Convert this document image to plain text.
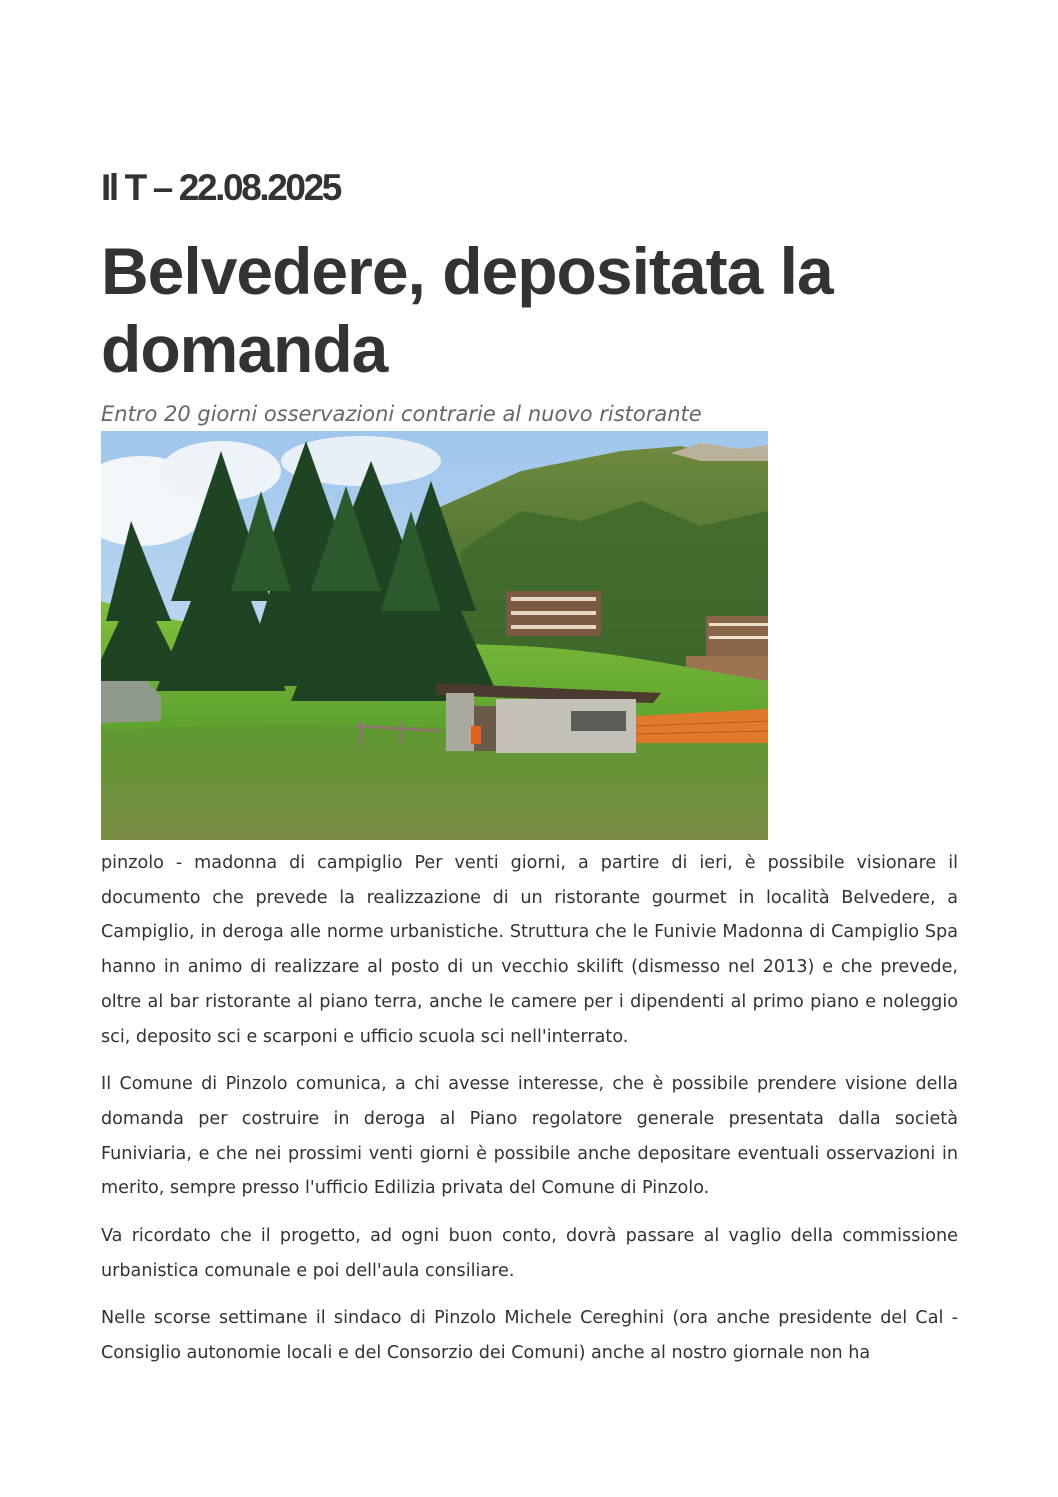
Il T – 22.08.2025
Belvedere, depositata la domanda
Entro 20 giorni osservazioni contrarie al nuovo ristorante

pinzolo - madonna di campiglio Per venti giorni, a partire di ieri, è possibile visionare il documento che prevede la realizzazione di un ristorante gourmet in località Belvedere, a Campiglio, in deroga alle norme urbanistiche. Struttura che le Funivie Madonna di Campiglio Spa hanno in animo di realizzare al posto di un vecchio skilift (dismesso nel 2013) e che prevede, oltre al bar ristorante al piano terra, anche le camere per i dipendenti al primo piano e noleggio sci, deposito sci e scarponi e ufficio scuola sci nell'interrato.

Il Comune di Pinzolo comunica, a chi avesse interesse, che è possibile prendere visione della domanda per costruire in deroga al Piano regolatore generale presentata dalla società Funiviaria, e che nei prossimi venti giorni è possibile anche depositare eventuali osservazioni in merito, sempre presso l'ufficio Edilizia privata del Comune di Pinzolo.

Va ricordato che il progetto, ad ogni buon conto, dovrà passare al vaglio della commissione urbanistica comunale e poi dell'aula consiliare.

Nelle scorse settimane il sindaco di Pinzolo Michele Cereghini (ora anche presidente del Cal - Consiglio autonomie locali e del Consorzio dei Comuni) anche al nostro giornale non ha
